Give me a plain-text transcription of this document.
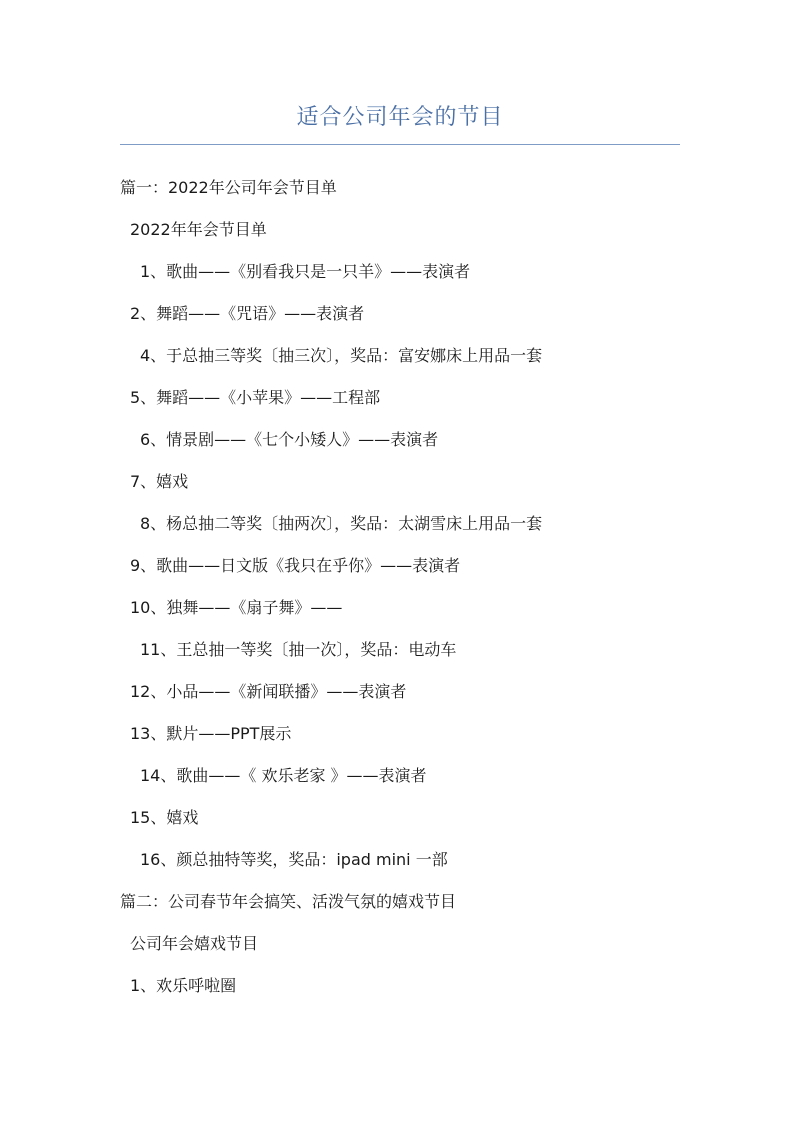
适合公司年会的节目
篇一：2022年公司年会节目单
2022年年会节目单
1、歌曲——《别看我只是一只羊》——表演者
2、舞蹈——《咒语》——表演者
4、于总抽三等奖〔抽三次〕，奖品：富安娜床上用品一套
5、舞蹈——《小苹果》——工程部
6、情景剧——《七个小矮人》——表演者
7、嬉戏
8、杨总抽二等奖〔抽两次〕，奖品：太湖雪床上用品一套
9、歌曲——日文版《我只在乎你》——表演者
10、独舞——《扇子舞》——
11、王总抽一等奖〔抽一次〕，奖品：电动车
12、小品——《新闻联播》——表演者
13、默片——PPT展示
14、歌曲——《 欢乐老家 》——表演者
15、嬉戏
16、颜总抽特等奖，奖品：ipad mini 一部
篇二：公司春节年会搞笑、活泼气氛的嬉戏节目
公司年会嬉戏节目
1、欢乐呼啦圈
